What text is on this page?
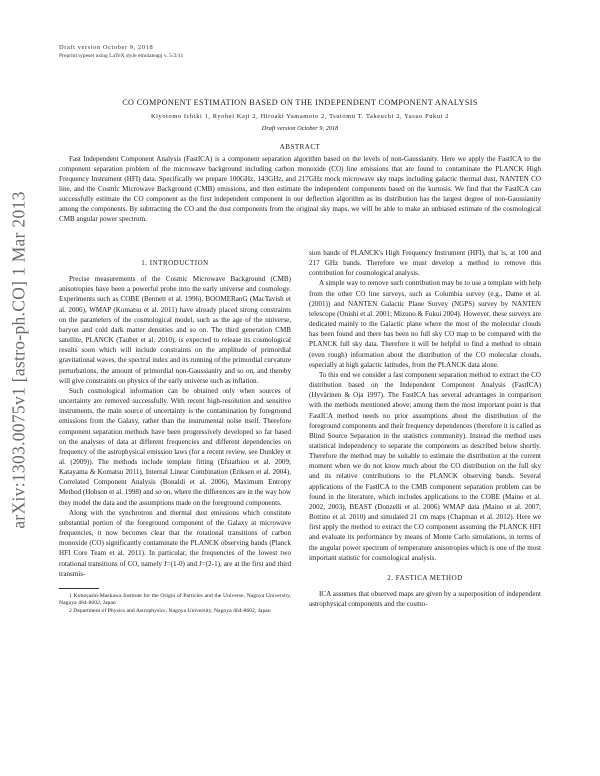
arXiv:1303.0075v1 [astro-ph.CO] 1 Mar 2013
Draft version October 9, 2018
Preprint typeset using LaTeX style emulateapj v. 5/2/11
CO COMPONENT ESTIMATION BASED ON THE INDEPENDENT COMPONENT ANALYSIS
Kiyotomo Ichiki 1, Ryohei Kaji 2, Hiroaki Yamamoto 2, Tsutomu T. Takeuchi 2, Yasuo Fukui 2
Draft version October 9, 2018
ABSTRACT

Fast Independent Component Analysis (FastICA) is a component separation algorithm based on the levels of non-Gaussianity. Here we apply the FastICA to the component separation problem of the microwave background including carbon monoxide (CO) line emissions that are found to contaminate the PLANCK High Frequency Instrument (HFI) data. Specifically we prepare 100GHz, 143GHz, and 217GHz mock microwave sky maps including galactic thermal dust, NANTEN CO line, and the Cosmic Microwave Background (CMB) emissions, and then estimate the independent components based on the kurtosis. We find that the FastICA can successfully estimate the CO component as the first independent component in our deflection algorithm as its distribution has the largest degree of non-Gaussianity among the components. By subtracting the CO and the dust components from the original sky maps, we will be able to make an unbiased estimate of the cosmological CMB angular power spectrum.

1. INTRODUCTION

Precise measurements of the Cosmic Microwave Background (CMB) anisotropies have been a powerful probe into the early universe and cosmology. Experiments such as COBE (Bennett et al. 1996), BOOMERanG (MacTavish et al. 2006), WMAP (Komatsu et al. 2011) have already placed strong constraints on the parameters of the cosmological model, such as the age of the universe, baryon and cold dark matter densities and so on. The third generation CMB satellite, PLANCK (Tauber et al. 2010), is expected to release its cosmological results soon which will include constraints on the amplitude of primordial gravitational waves, the spectral index and its running of the primordial curvature perturbations, the amount of primordial non-Gaussianity and so on, and thereby will give constraints on physics of the early universe such as inflation.

Such cosmological information can be obtained only when sources of uncertainty are removed successfully. With recent high-resolution and sensitive instruments, the main source of uncertainty is the contamination by foreground emissions from the Galaxy, rather than the instrumental noise itself. Therefore component separation methods have been progressively developed so far based on the analyses of data at different frequencies and different dependencies on frequency of the astrophysical emission laws (for a recent review, see Dunkley et al. (2009)). The methods include template fitting (Efstathiou et al. 2009; Katayama & Komatsu 2011), Internal Linear Combination (Eriksen et al. 2004), Correlated Component Analysis (Bonaldi et al. 2006), Maximum Entropy Method (Hobson et al. 1998) and so on, where the differences are in the way how they model the data and the assumptions made on the foreground components.

Along with the synchrotron and thermal dust emissions which constitute substantial portion of the foreground component of the Galaxy at microwave frequencies, it now becomes clear that the rotational transitions of carbon monoxide (CO) significantly contaminate the PLANCK observing bands (Planck HFI Core Team et al. 2011). In particular, the frequencies of the lowest two rotational transitions of CO, namely J=(1-0) and J=(2-1), are at the first and third transmis-

1 Kobayashi-Maskawa Institute for the Origin of Particles and the Universe, Nagoya University, Nagoya 464-8602, Japan

2 Department of Physics and Astrophysics, Nagoya University, Nagoya 464-8602, Japan

sion bands of PLANCK's High Frequency Instrument (HFI), that is, at 100 and 217 GHz bands. Therefore we must develop a method to remove this contribution for cosmological analysis.

A simple way to remove such contribution may be to use a template with help from the other CO line surveys, such as Columbia survey (e.g., Dame et al. (2001)) and NANTEN Galactic Plane Survey (NGPS) survey by NANTEN telescope (Onishi et al. 2001; Mizuno & Fukui 2004). However, these surveys are dedicated mainly to the Galactic plane where the most of the molecular clouds has been found and there has been no full sky CO map to be compared with the PLANCK full sky data. Therefore it will be helpful to find a method to obtain (even rough) information about the distribution of the CO molecular clouds, especially at high galactic latitudes, from the PLANCK data alone.

To this end we consider a fast component separation method to extract the CO distribution based on the Independent Component Analysis (FastICA) (Hyvärinen & Oja 1997). The FastICA has several advantages in comparison with the methods mentioned above; among them the most important point is that FastICA method needs no prior assumptions about the distribution of the foreground components and their frequency dependences (therefore it is called as Blind Source Separation in the statistics community). Instead the method uses statistical independency to separate the components as described below shortly. Therefore the method may be suitable to estimate the distribution at the current moment when we do not know much about the CO distribution on the full sky and its relative contributions to the PLANCK observing bands. Several applications of the FastICA to the CMB component separation problem can be found in the literature, which includes applications to the COBE (Maino et al. 2002, 2003), BEAST (Donzelli et al. 2006) WMAP data (Maino et al. 2007; Bottino et al. 2010) and simulated 21 cm maps (Chapman et al. 2012). Here we first apply the method to extract the CO component assuming the PLANCK HFI and evaluate its performance by means of Monte Carlo simulations, in terms of the angular power spectrum of temperature anisotropies which is one of the most important statistic for cosmological analysis.

2. FASTICA METHOD

ICA assumes that observed maps are given by a superposition of independent astrophysical components and the cosmo-
